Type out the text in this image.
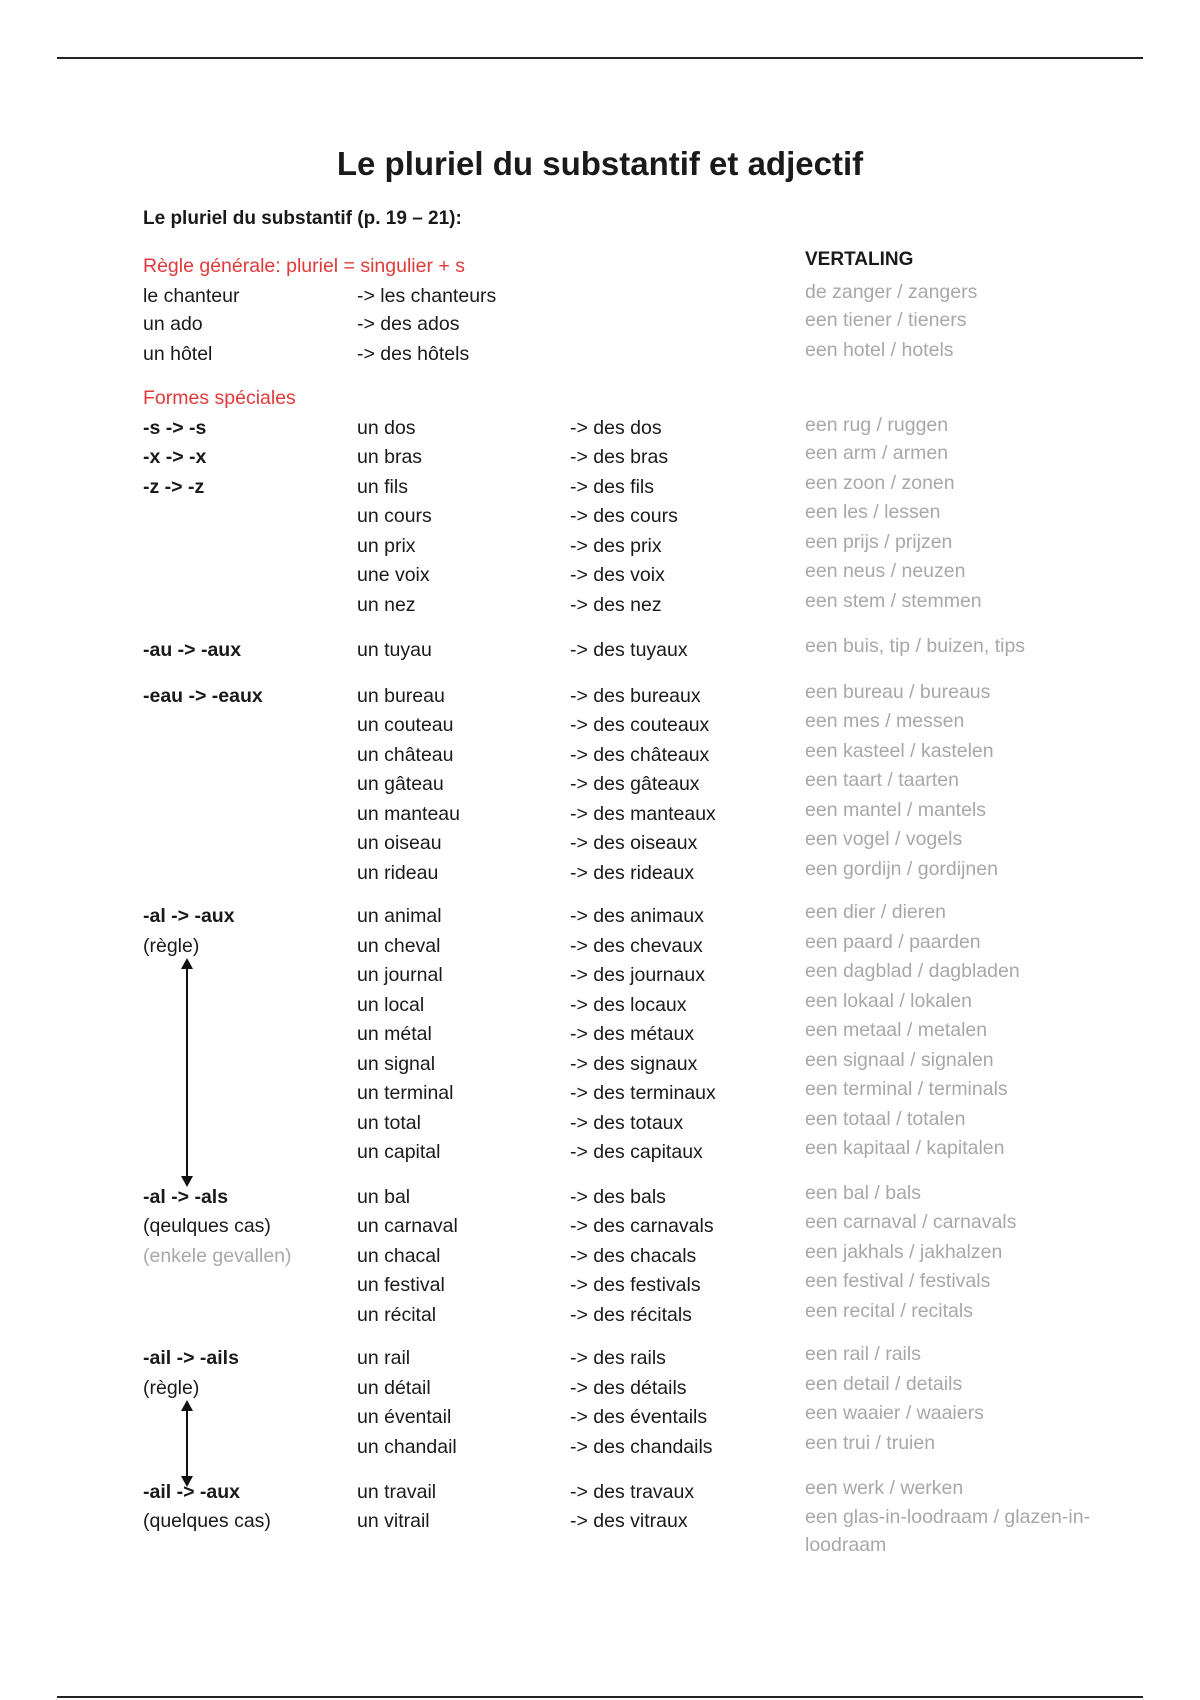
Le pluriel du substantif et adjectif
Le pluriel du substantif (p. 19 – 21):
VERTALING
Règle générale: pluriel = singulier + s
le chanteur	-> les chanteurs	de zanger / zangers
un ado	-> des ados	een tiener / tieners
un hôtel	-> des hôtels	een hotel / hotels
Formes spéciales
-s -> -s
-x -> -x
-z -> -z
un dos	-> des dos	een rug / ruggen
un bras	-> des bras	een arm / armen
un fils	-> des fils	een zoon / zonen
un cours	-> des cours	een les / lessen
un prix	-> des prix	een prijs / prijzen
une voix	-> des voix	een neus / neuzen
un nez	-> des nez	een stem / stemmen
-au -> -aux	un tuyau	-> des tuyaux	een buis, tip / buizen, tips
-eau -> -eaux	un bureau	-> des bureaux	een bureau / bureaus
un couteau	-> des couteaux	een mes / messen
un château	-> des châteaux	een kasteel / kastelen
un gâteau	-> des gâteaux	een taart / taarten
un manteau	-> des manteaux	een mantel / mantels
un oiseau	-> des oiseaux	een vogel / vogels
un rideau	-> des rideaux	een gordijn / gordijnen
-al -> -aux
(règle)
un animal	-> des animaux	een dier / dieren
un cheval	-> des chevaux	een paard / paarden
un journal	-> des journaux	een dagblad / dagbladen
un local	-> des locaux	een lokaal / lokalen
un métal	-> des métaux	een metaal / metalen
un signal	-> des signaux	een signaal / signalen
un terminal	-> des terminaux	een terminal / terminals
un total	-> des totaux	een totaal / totalen
un capital	-> des capitaux	een kapitaal / kapitalen
-al -> -als
(qeulques cas)
(enkele gevallen)
un bal	-> des bals	een bal / bals
un carnaval	-> des carnavals	een carnaval / carnavals
un chacal	-> des chacals	een jakhals / jakhalzen
un festival	-> des festivals	een festival / festivals
un récital	-> des récitals	een recital / recitals
-ail -> -ails
(règle)
un rail	-> des rails	een rail / rails
un détail	-> des détails	een detail / details
un éventail	-> des éventails	een waaier / waaiers
un chandail	-> des chandails	een trui / truien
-ail -> -aux
(quelques cas)
un travail	-> des travaux	een werk / werken
un vitrail	-> des vitraux	een glas-in-loodraam / glazen-in-
loodraam
